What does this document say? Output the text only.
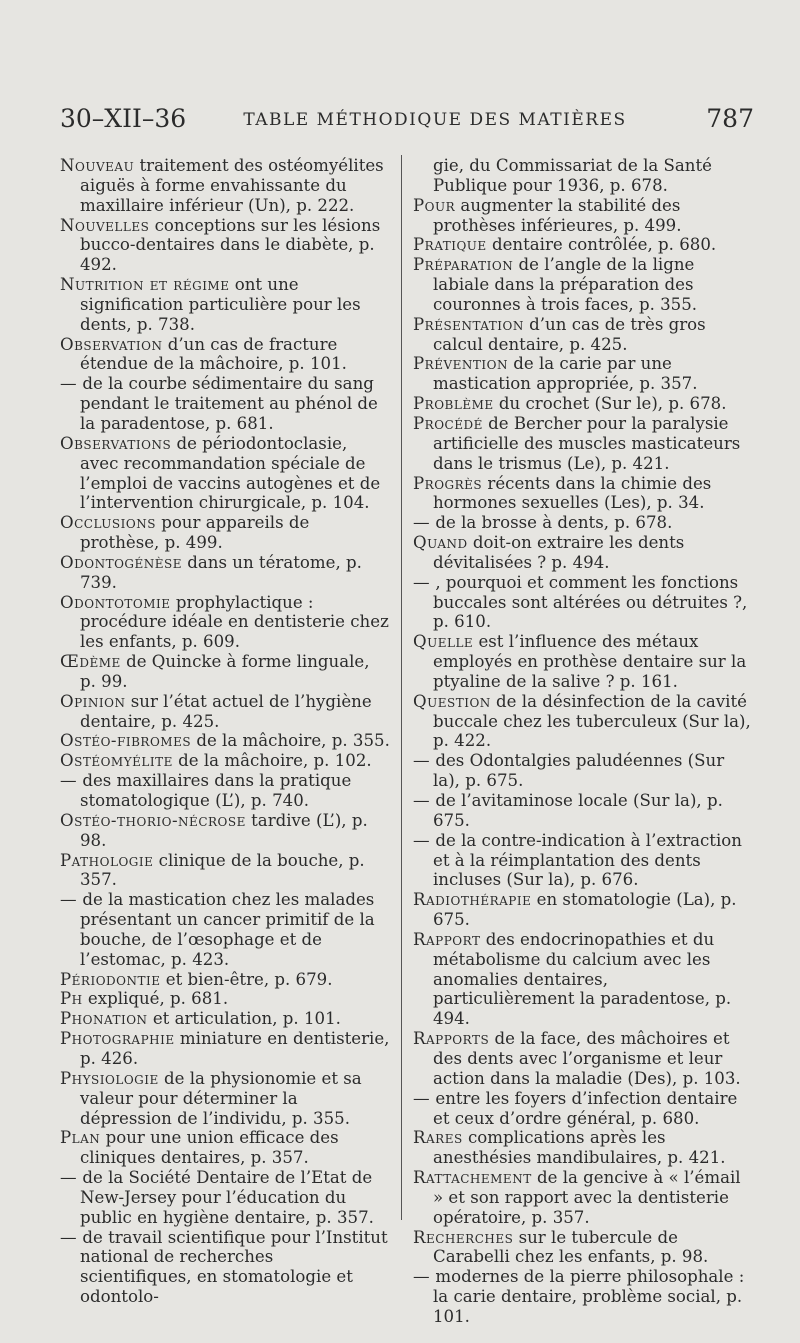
30–XII–36	TABLE MÉTHODIQUE DES MATIÈRES	787
Nouveau traitement des ostéomyélites aiguës à forme envahissante du maxillaire inférieur (Un), p. 222.
Nouvelles conceptions sur les lésions bucco-dentaires dans le diabète, p. 492.
Nutrition et régime ont une signification particulière pour les dents, p. 738.
Observation d’un cas de fracture étendue de la mâchoire, p. 101.
— de la courbe sédimentaire du sang pendant le traitement au phénol de la paradentose, p. 681.
Observations de périodontoclasie, avec recommandation spéciale de l’emploi de vaccins autogènes et de l’intervention chirurgicale, p. 104.
Occlusions pour appareils de prothèse, p. 499.
Odontogénèse dans un tératome, p. 739.
Odontotomie prophylactique : procédure idéale en dentisterie chez les enfants, p. 609.
Œdème de Quincke à forme linguale, p. 99.
Opinion sur l’état actuel de l’hygiène dentaire, p. 425.
Ostéo-fibromes de la mâchoire, p. 355.
Ostéomyélite de la mâchoire, p. 102.
— des maxillaires dans la pratique stomatologique (L’), p. 740.
Ostéo-thorio-nécrose tardive (L’), p. 98.
Pathologie clinique de la bouche, p. 357.
— de la mastication chez les malades présentant un cancer primitif de la bouche, de l’œsophage et de l’estomac, p. 423.
Périodontie et bien-être, p. 679.
Ph expliqué, p. 681.
Phonation et articulation, p. 101.
Photographie miniature en dentisterie, p. 426.
Physiologie de la physionomie et sa valeur pour déterminer la dépression de l’individu, p. 355.
Plan pour une union efficace des cliniques dentaires, p. 357.
— de la Société Dentaire de l’Etat de New-Jersey pour l’éducation du public en hygiène dentaire, p. 357.
— de travail scientifique pour l’Institut national de recherches scientifiques, en stomatologie et odontolo-
gie, du Commissariat de la Santé Publique pour 1936, p. 678.
Pour augmenter la stabilité des prothèses inférieures, p. 499.
Pratique dentaire contrôlée, p. 680.
Préparation de l’angle de la ligne labiale dans la préparation des couronnes à trois faces, p. 355.
Présentation d’un cas de très gros calcul dentaire, p. 425.
Prévention de la carie par une mastication appropriée, p. 357.
Problème du crochet (Sur le), p. 678.
Procédé de Bercher pour la paralysie artificielle des muscles masticateurs dans le trismus (Le), p. 421.
Progrès récents dans la chimie des hormones sexuelles (Les), p. 34.
— de la brosse à dents, p. 678.
Quand doit-on extraire les dents dévitalisées ? p. 494.
— , pourquoi et comment les fonctions buccales sont altérées ou détruites ?, p. 610.
Quelle est l’influence des métaux employés en prothèse dentaire sur la ptyaline de la salive ? p. 161.
Question de la désinfection de la cavité buccale chez les tuberculeux (Sur la), p. 422.
— des Odontalgies paludéennes (Sur la), p. 675.
— de l’avitaminose locale (Sur la), p. 675.
— de la contre-indication à l’extraction et à la réimplantation des dents incluses (Sur la), p. 676.
Radiothérapie en stomatologie (La), p. 675.
Rapport des endocrinopathies et du métabolisme du calcium avec les anomalies dentaires, particulièrement la paradentose, p. 494.
Rapports de la face, des mâchoires et des dents avec l’organisme et leur action dans la maladie (Des), p. 103.
— entre les foyers d’infection dentaire et ceux d’ordre général, p. 680.
Rares complications après les anesthésies mandibulaires, p. 421.
Rattachement de la gencive à « l’émail » et son rapport avec la dentisterie opératoire, p. 357.
Recherches sur le tubercule de Carabelli chez les enfants, p. 98.
— modernes de la pierre philosophale : la carie dentaire, problème social, p. 101.
